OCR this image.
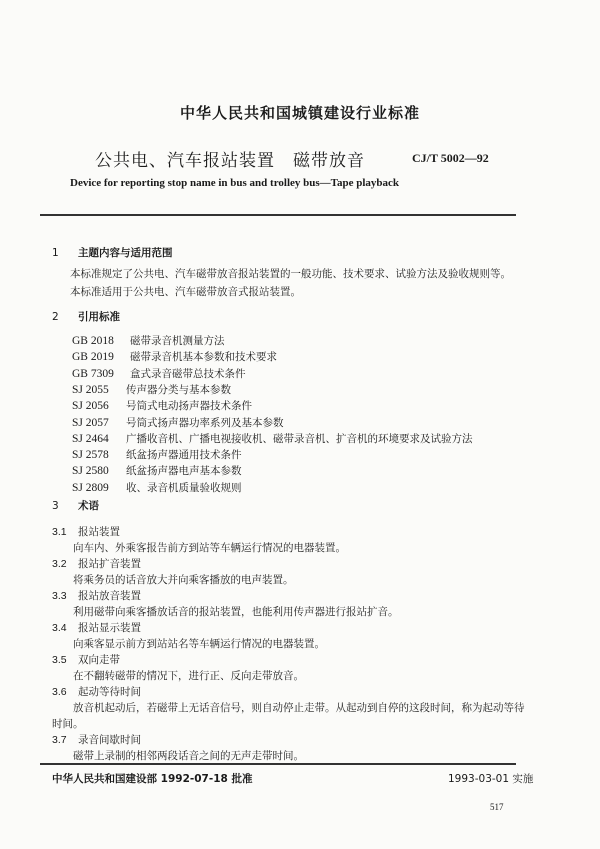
中华人民共和国城镇建设行业标准
公共电、汽车报站装置　磁带放音	CJ/T 5002—92
Device for reporting stop name in bus and trolley bus—Tape playback
1 主题内容与适用范围
本标准规定了公共电、汽车磁带放音报站装置的一般功能、技术要求、试验方法及验收规则等。
本标准适用于公共电、汽车磁带放音式报站装置。
2 引用标准
GB 2018 磁带录音机测量方法
GB 2019 磁带录音机基本参数和技术要求
GB 7309 盒式录音磁带总技术条件
SJ 2055 传声器分类与基本参数
SJ 2056 号筒式电动扬声器技术条件
SJ 2057 号筒式扬声器功率系列及基本参数
SJ 2464 广播收音机、广播电视接收机、磁带录音机、扩音机的环境要求及试验方法
SJ 2578 纸盆扬声器通用技术条件
SJ 2580 纸盆扬声器电声基本参数
SJ 2809 收、录音机质量验收规则
3 术语
3.1 报站装置
向车内、外乘客报告前方到站等车辆运行情况的电器装置。
3.2 报站扩音装置
将乘务员的话音放大并向乘客播放的电声装置。
3.3 报站放音装置
利用磁带向乘客播放话音的报站装置，也能利用传声器进行报站扩音。
3.4 报站显示装置
向乘客显示前方到站站名等车辆运行情况的电器装置。
3.5 双向走带
在不翻转磁带的情况下，进行正、反向走带放音。
3.6 起动等待时间
放音机起动后，若磁带上无话音信号，则自动停止走带。从起动到自停的这段时间，称为起动等待
时间。
3.7 录音间歇时间
磁带上录制的相邻两段话音之间的无声走带时间。
中华人民共和国建设部 1992-07-18 批准	1993-03-01 实施
517
